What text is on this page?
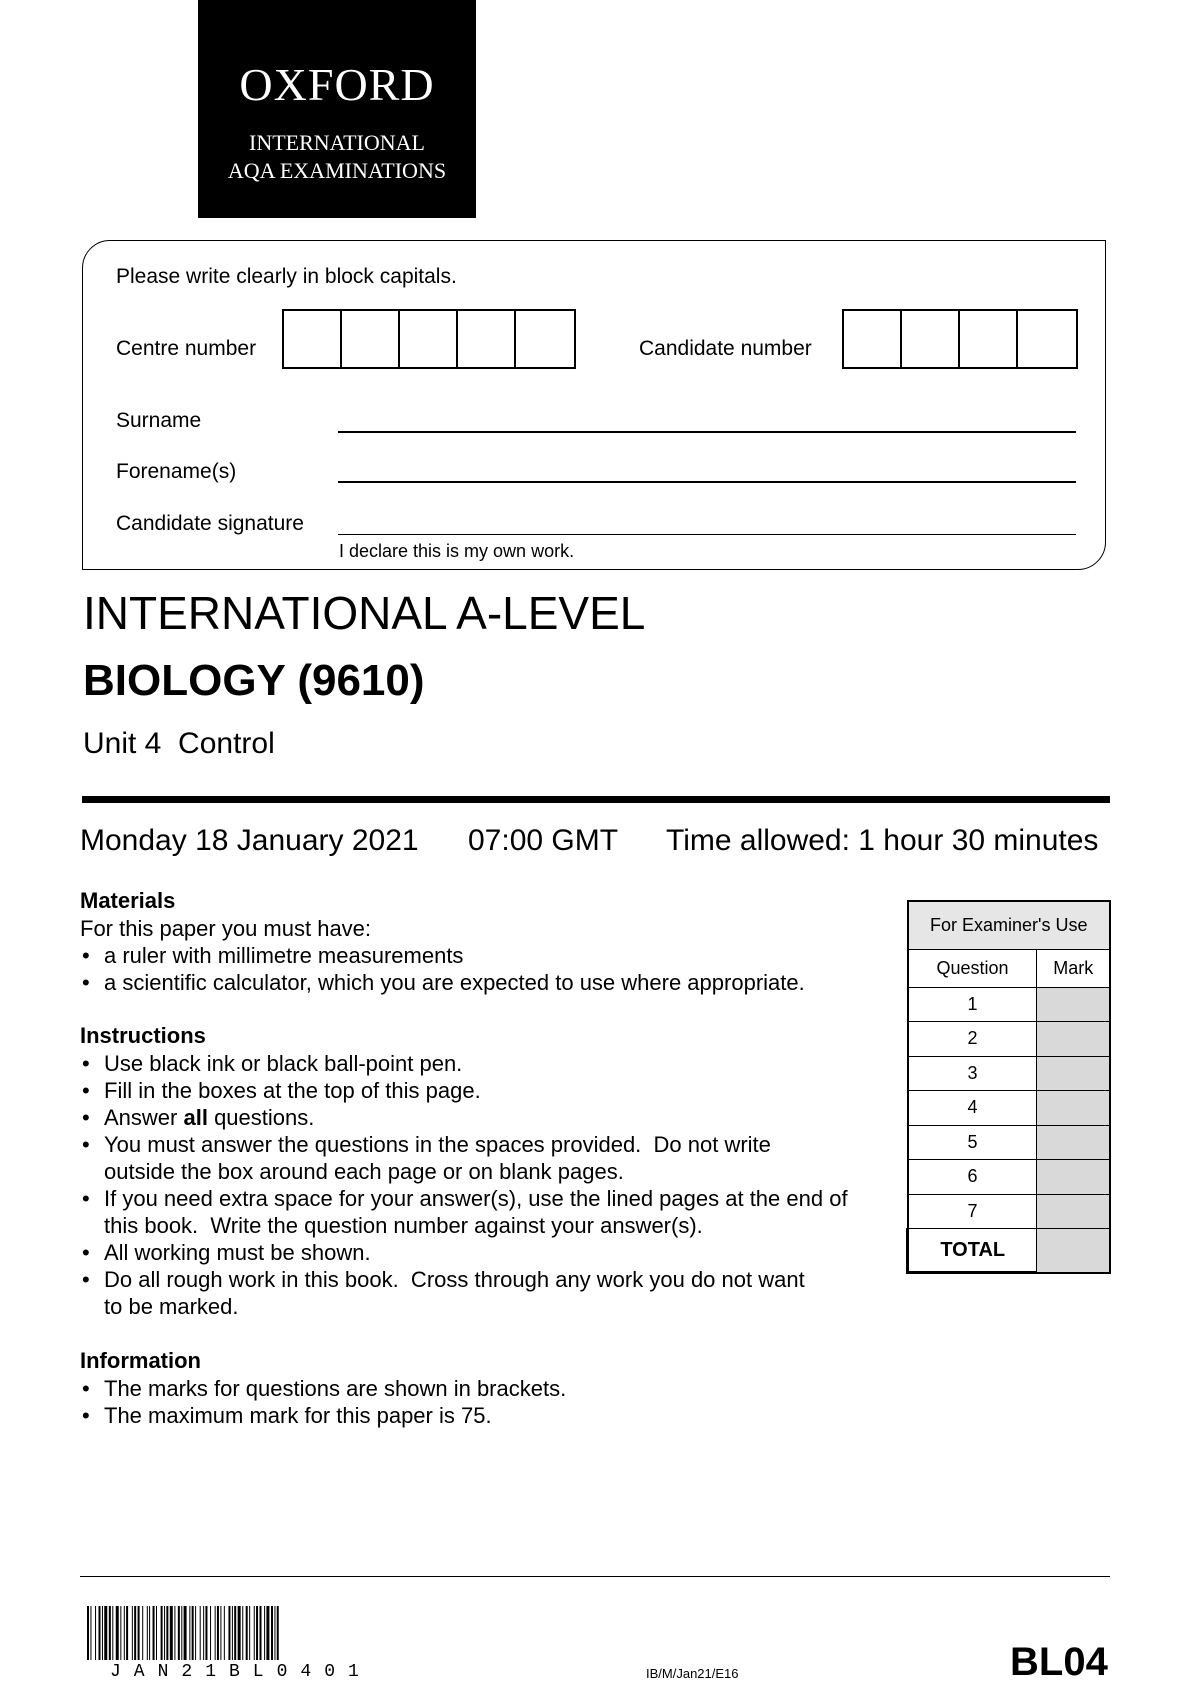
OXFORD
INTERNATIONAL
AQA EXAMINATIONS
Please write clearly in block capitals.
Centre number	Candidate number
Surname
Forename(s)
Candidate signature
I declare this is my own work.
INTERNATIONAL A-LEVEL
BIOLOGY (9610)
Unit 4  Control
Monday 18 January 2021 07:00 GMT Time allowed: 1 hour 30 minutes
Materials
For this paper you must have:
• a ruler with millimetre measurements
• a scientific calculator, which you are expected to use where appropriate.
Instructions
• Use black ink or black ball-point pen.
• Fill in the boxes at the top of this page.
• Answer all questions.
• You must answer the questions in the spaces provided.  Do not write
outside the box around each page or on blank pages.
• If you need extra space for your answer(s), use the lined pages at the end of
this book.  Write the question number against your answer(s).
• All working must be shown.
• Do all rough work in this book.  Cross through any work you do not want
to be marked.
Information
• The marks for questions are shown in brackets.
• The maximum mark for this paper is 75.
For Examiner's Use	
Question	Mark
1	
2	
3	
4	
5	
6	
7	
TOTAL	
JAN21BL0401	IB/M/Jan21/E16	BL04
